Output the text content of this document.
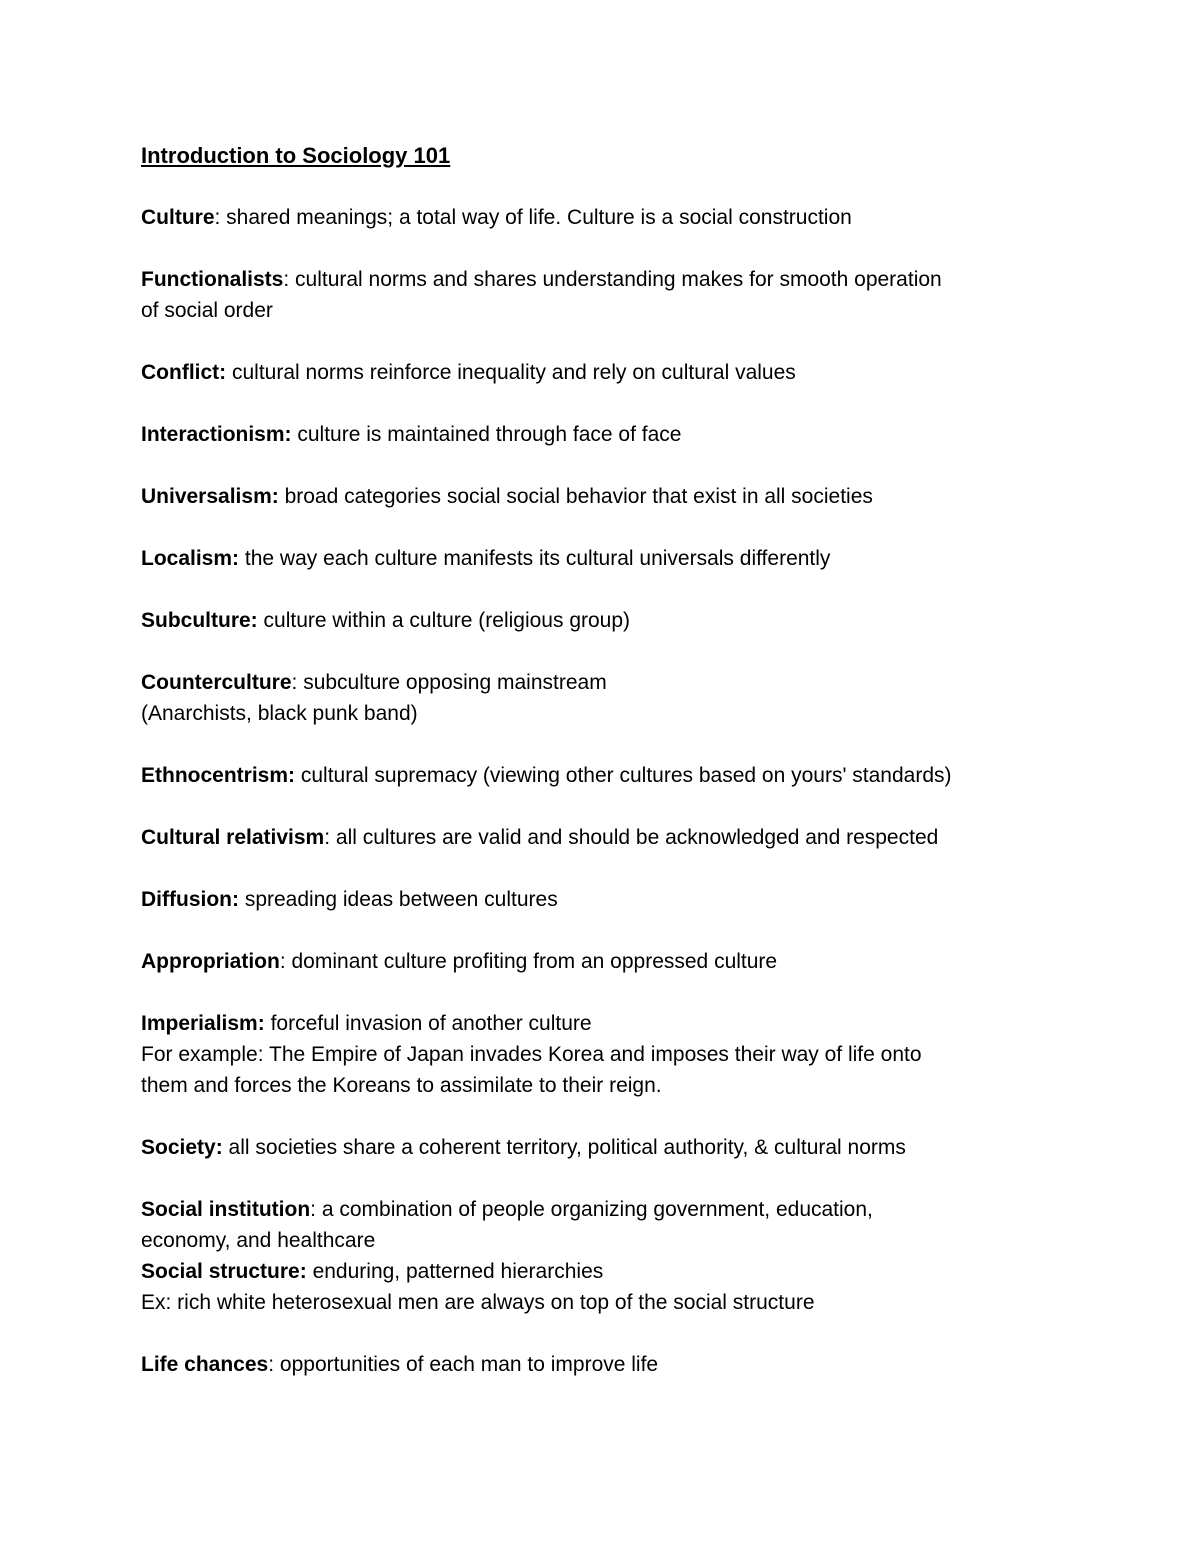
Introduction to Sociology 101
Culture: shared meanings; a total way of life. Culture is a social construction
Functionalists: cultural norms and shares understanding makes for smooth operation
of social order
Conflict: cultural norms reinforce inequality and rely on cultural values
Interactionism: culture is maintained through face of face
Universalism: broad categories social social behavior that exist in all societies
Localism: the way each culture manifests its cultural universals differently
Subculture: culture within a culture (religious group)
Counterculture: subculture opposing mainstream
(Anarchists, black punk band)
Ethnocentrism: cultural supremacy (viewing other cultures based on yours' standards)
Cultural relativism: all cultures are valid and should be acknowledged and respected
Diffusion: spreading ideas between cultures
Appropriation: dominant culture profiting from an oppressed culture
Imperialism: forceful invasion of another culture
For example: The Empire of Japan invades Korea and imposes their way of life onto
them and forces the Koreans to assimilate to their reign.
Society: all societies share a coherent territory, political authority, & cultural norms
Social institution: a combination of people organizing government, education,
economy, and healthcare
Social structure: enduring, patterned hierarchies
Ex: rich white heterosexual men are always on top of the social structure
Life chances: opportunities of each man to improve life
